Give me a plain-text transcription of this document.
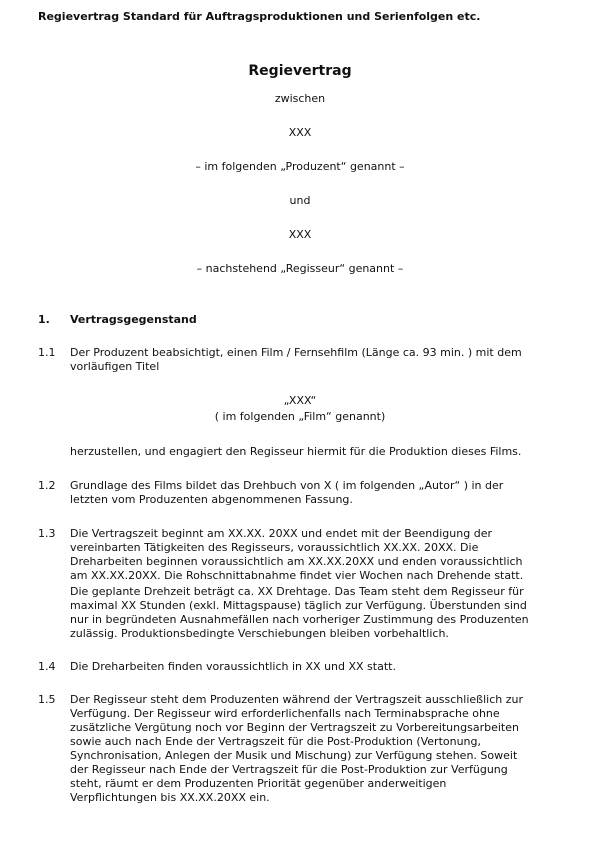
Regievertrag Standard für Auftragsproduktionen und Serienfolgen etc.
Regievertrag
zwischen
XXX
– im folgenden „Produzent“ genannt –
und
XXX
– nachstehend „Regisseur“ genannt –
1. Vertragsgegenstand
1.1 Der Produzent beabsichtigt, einen Film / Fernsehfilm (Länge ca. 93 min. ) mit dem
vorläufigen Titel
„XXX“
( im folgenden „Film“ genannt)
herzustellen, und engagiert den Regisseur hiermit für die Produktion dieses Films.
1.2 Grundlage des Films bildet das Drehbuch von X ( im folgenden „Autor“ ) in der
letzten vom Produzenten abgenommenen Fassung.
1.3 Die Vertragszeit beginnt am XX.XX. 20XX und endet mit der Beendigung der
vereinbarten Tätigkeiten des Regisseurs, voraussichtlich XX.XX. 20XX. Die
Dreharbeiten beginnen voraussichtlich am XX.XX.20XX und enden voraussichtlich
am XX.XX.20XX. Die Rohschnittabnahme findet vier Wochen nach Drehende statt.
Die geplante Drehzeit beträgt ca. XX Drehtage. Das Team steht dem Regisseur für
maximal XX Stunden (exkl. Mittagspause) täglich zur Verfügung. Überstunden sind
nur in begründeten Ausnahmefällen nach vorheriger Zustimmung des Produzenten
zulässig. Produktionsbedingte Verschiebungen bleiben vorbehaltlich.
1.4 Die Dreharbeiten finden voraussichtlich in XX und XX statt.
1.5 Der Regisseur steht dem Produzenten während der Vertragszeit ausschließlich zur
Verfügung. Der Regisseur wird erforderlichenfalls nach Terminabsprache ohne
zusätzliche Vergütung noch vor Beginn der Vertragszeit zu Vorbereitungsarbeiten
sowie auch nach Ende der Vertragszeit für die Post-Produktion (Vertonung,
Synchronisation, Anlegen der Musik und Mischung) zur Verfügung stehen. Soweit
der Regisseur nach Ende der Vertragszeit für die Post-Produktion zur Verfügung
steht, räumt er dem Produzenten Priorität gegenüber anderweitigen
Verpflichtungen bis XX.XX.20XX ein.
